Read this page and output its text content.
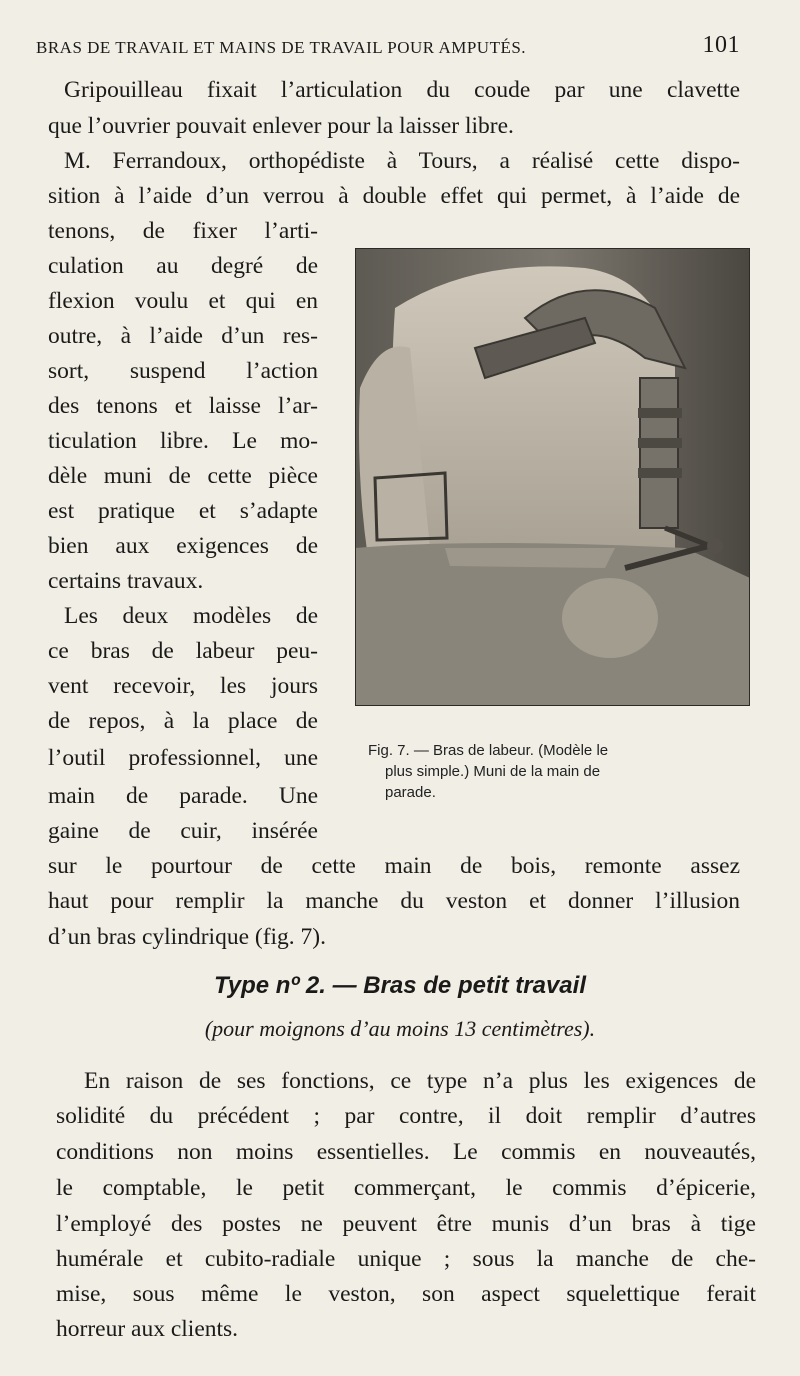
BRAS DE TRAVAIL ET MAINS DE TRAVAIL POUR AMPUTÉS.	101
Gripouilleau fixait l’articulation du coude par une clavette
que l’ouvrier pouvait enlever pour la laisser libre.
M. Ferrandoux, orthopédiste à Tours, a réalisé cette dispo-
sition à l’aide d’un verrou à double effet qui permet, à l’aide de
tenons, de fixer l’arti-
culation au degré de
flexion voulu et qui en
outre, à l’aide d’un res-
sort, suspend l’action
des tenons et laisse l’ar-
ticulation libre. Le mo-
dèle muni de cette pièce
est pratique et s’adapte
bien aux exigences de
certains travaux.
Les deux modèles de
ce bras de labeur peu-
vent recevoir, les jours
de repos, à la place de
l’outil professionnel, une
main de parade. Une
gaine de cuir, insérée
Fig. 7. — Bras de labeur. (Modèle le
plus simple.) Muni de la main de
parade.
sur le pourtour de cette main de bois, remonte assez
haut pour remplir la manche du veston et donner l’illusion
d’un bras cylindrique (fig. 7).
Type nº 2. — Bras de petit travail
(pour moignons d’au moins 13 centimètres).
En raison de ses fonctions, ce type n’a plus les exigences de
solidité du précédent ; par contre, il doit remplir d’autres
conditions non moins essentielles. Le commis en nouveautés,
le comptable, le petit commerçant, le commis d’épicerie,
l’employé des postes ne peuvent être munis d’un bras à tige
humérale et cubito-radiale unique ; sous la manche de che-
mise, sous même le veston, son aspect squelettique ferait
horreur aux clients.
